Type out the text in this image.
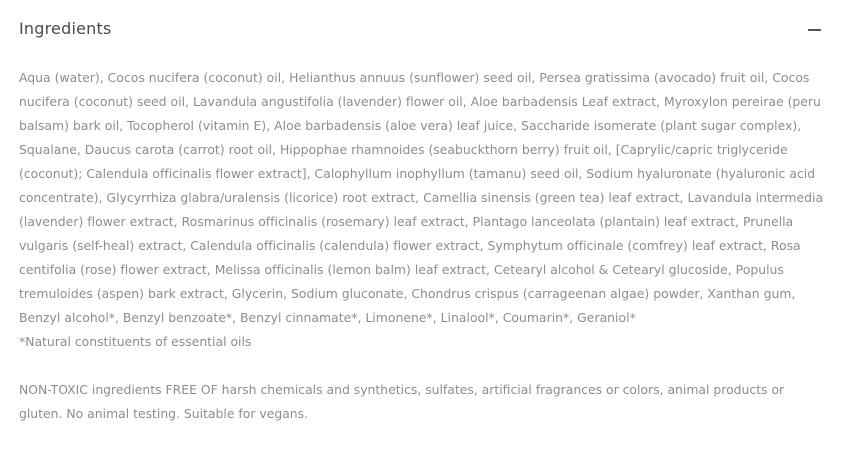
Ingredients

Aqua (water), Cocos nucifera (coconut) oil, Helianthus annuus (sunflower) seed oil, Persea gratissima (avocado) fruit oil, Cocos nucifera (coconut) seed oil, Lavandula angustifolia (lavender) flower oil, Aloe barbadensis Leaf extract, Myroxylon pereirae (peru balsam) bark oil, Tocopherol (vitamin E), Aloe barbadensis (aloe vera) leaf juice, Saccharide isomerate (plant sugar complex), Squalane, Daucus carota (carrot) root oil, Hippophae rhamnoides (seabuckthorn berry) fruit oil, [Caprylic/capric triglyceride (coconut); Calendula officinalis flower extract], Calophyllum inophyllum (tamanu) seed oil, Sodium hyaluronate (hyaluronic acid concentrate), Glycyrrhiza glabra/uralensis (licorice) root extract, Camellia sinensis (green tea) leaf extract, Lavandula intermedia (lavender) flower extract, Rosmarinus officinalis (rosemary) leaf extract, Plantago lanceolata (plantain) leaf extract, Prunella vulgaris (self-heal) extract, Calendula officinalis (calendula) flower extract, Symphytum officinale (comfrey) leaf extract, Rosa centifolia (rose) flower extract, Melissa officinalis (lemon balm) leaf extract, Cetearyl alcohol & Cetearyl glucoside, Populus tremuloides (aspen) bark extract, Glycerin, Sodium gluconate, Chondrus crispus (carrageenan algae) powder, Xanthan gum, Benzyl alcohol*, Benzyl benzoate*, Benzyl cinnamate*, Limonene*, Linalool*, Coumarin*, Geraniol*

*Natural constituents of essential oils

NON-TOXIC ingredients FREE OF harsh chemicals and synthetics, sulfates, artificial fragrances or colors, animal products or gluten. No animal testing. Suitable for vegans.
